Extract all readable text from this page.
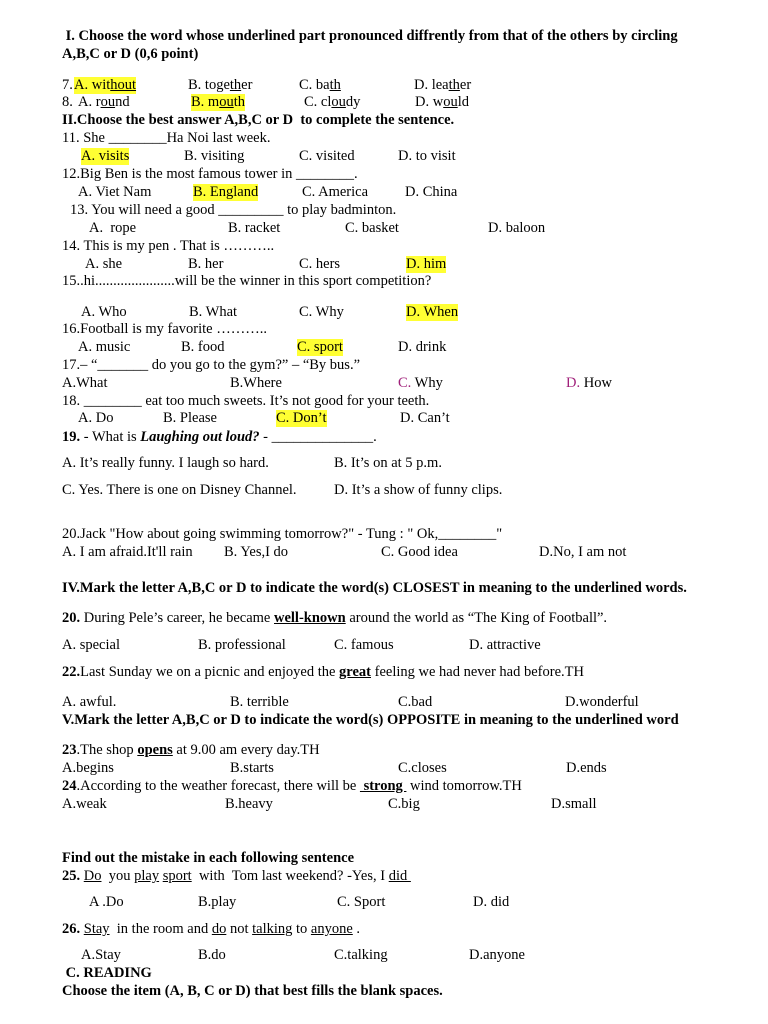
I. Choose the word whose underlined part pronounced diffrently from that of the others by circling
A,B,C or D (0,6 point)
7. A. without	B. together	C. bath	D. leather
8. A. round	B. mouth	C. cloudy	D. would
II.Choose the best answer A,B,C or D  to complete the sentence.
11. She ________Ha Noi last week.
A. visits	B. visiting	C. visited	D. to visit
12.Big Ben is the most famous tower in ________.
A. Viet Nam	B. England	C. America	D. China
13. You will need a good _________ to play badminton.
A.  rope	B. racket	C. basket	D. baloon
14. This is my pen . That is ………..
A. she	B. her	C. hers	D. him
15..hi......................will be the winner in this sport competition?
A. Who	B. What	C. Why	D. When
16.Football is my favorite ………..
A. music	B. food	C. sport	D. drink
17.– “_______ do you go to the gym?” – “By bus.”
A.What	B.Where	C. Why	D. How
18. ________ eat too much sweets. It’s not good for your teeth.
A. Do	B. Please	C. Don’t	D. Can’t
19. - What is Laughing out loud? - ______________.
A. It’s really funny. I laugh so hard.	B. It’s on at 5 p.m.
C. Yes. There is one on Disney Channel.	D. It’s a show of funny clips.
20.Jack "How about going swimming tomorrow?" - Tung : " Ok,________"
A. I am afraid.It'll rain B. Yes,I do	C. Good idea	D.No, I am not
IV.Mark the letter A,B,C or D to indicate the word(s) CLOSEST in meaning to the underlined words.
20. During Pele’s career, he became well-known around the world as “The King of Football”.
A. special	B. professional	C. famous	D. attractive
22.Last Sunday we on a picnic and enjoyed the great feeling we had never had before.TH
A. awful.	B. terrible	C.bad	D.wonderful
V.Mark the letter A,B,C or D to indicate the word(s) OPPOSITE in meaning to the underlined word
23.The shop opens at 9.00 am every day.TH
A.begins	B.starts	C.closes	D.ends
24.According to the weather forecast, there will be  strong  wind tomorrow.TH
A.weak	B.heavy	C.big	D.small
Find out the mistake in each following sentence
25. Do  you play sport  with  Tom last weekend? -Yes, I did
A .Do	B.play	C. Sport	D. did
26. Stay  in the room and do not talking to anyone .
A.Stay	B.do	C.talking	D.anyone
C. READING
Choose the item (A, B, C or D) that best fills the blank spaces.
